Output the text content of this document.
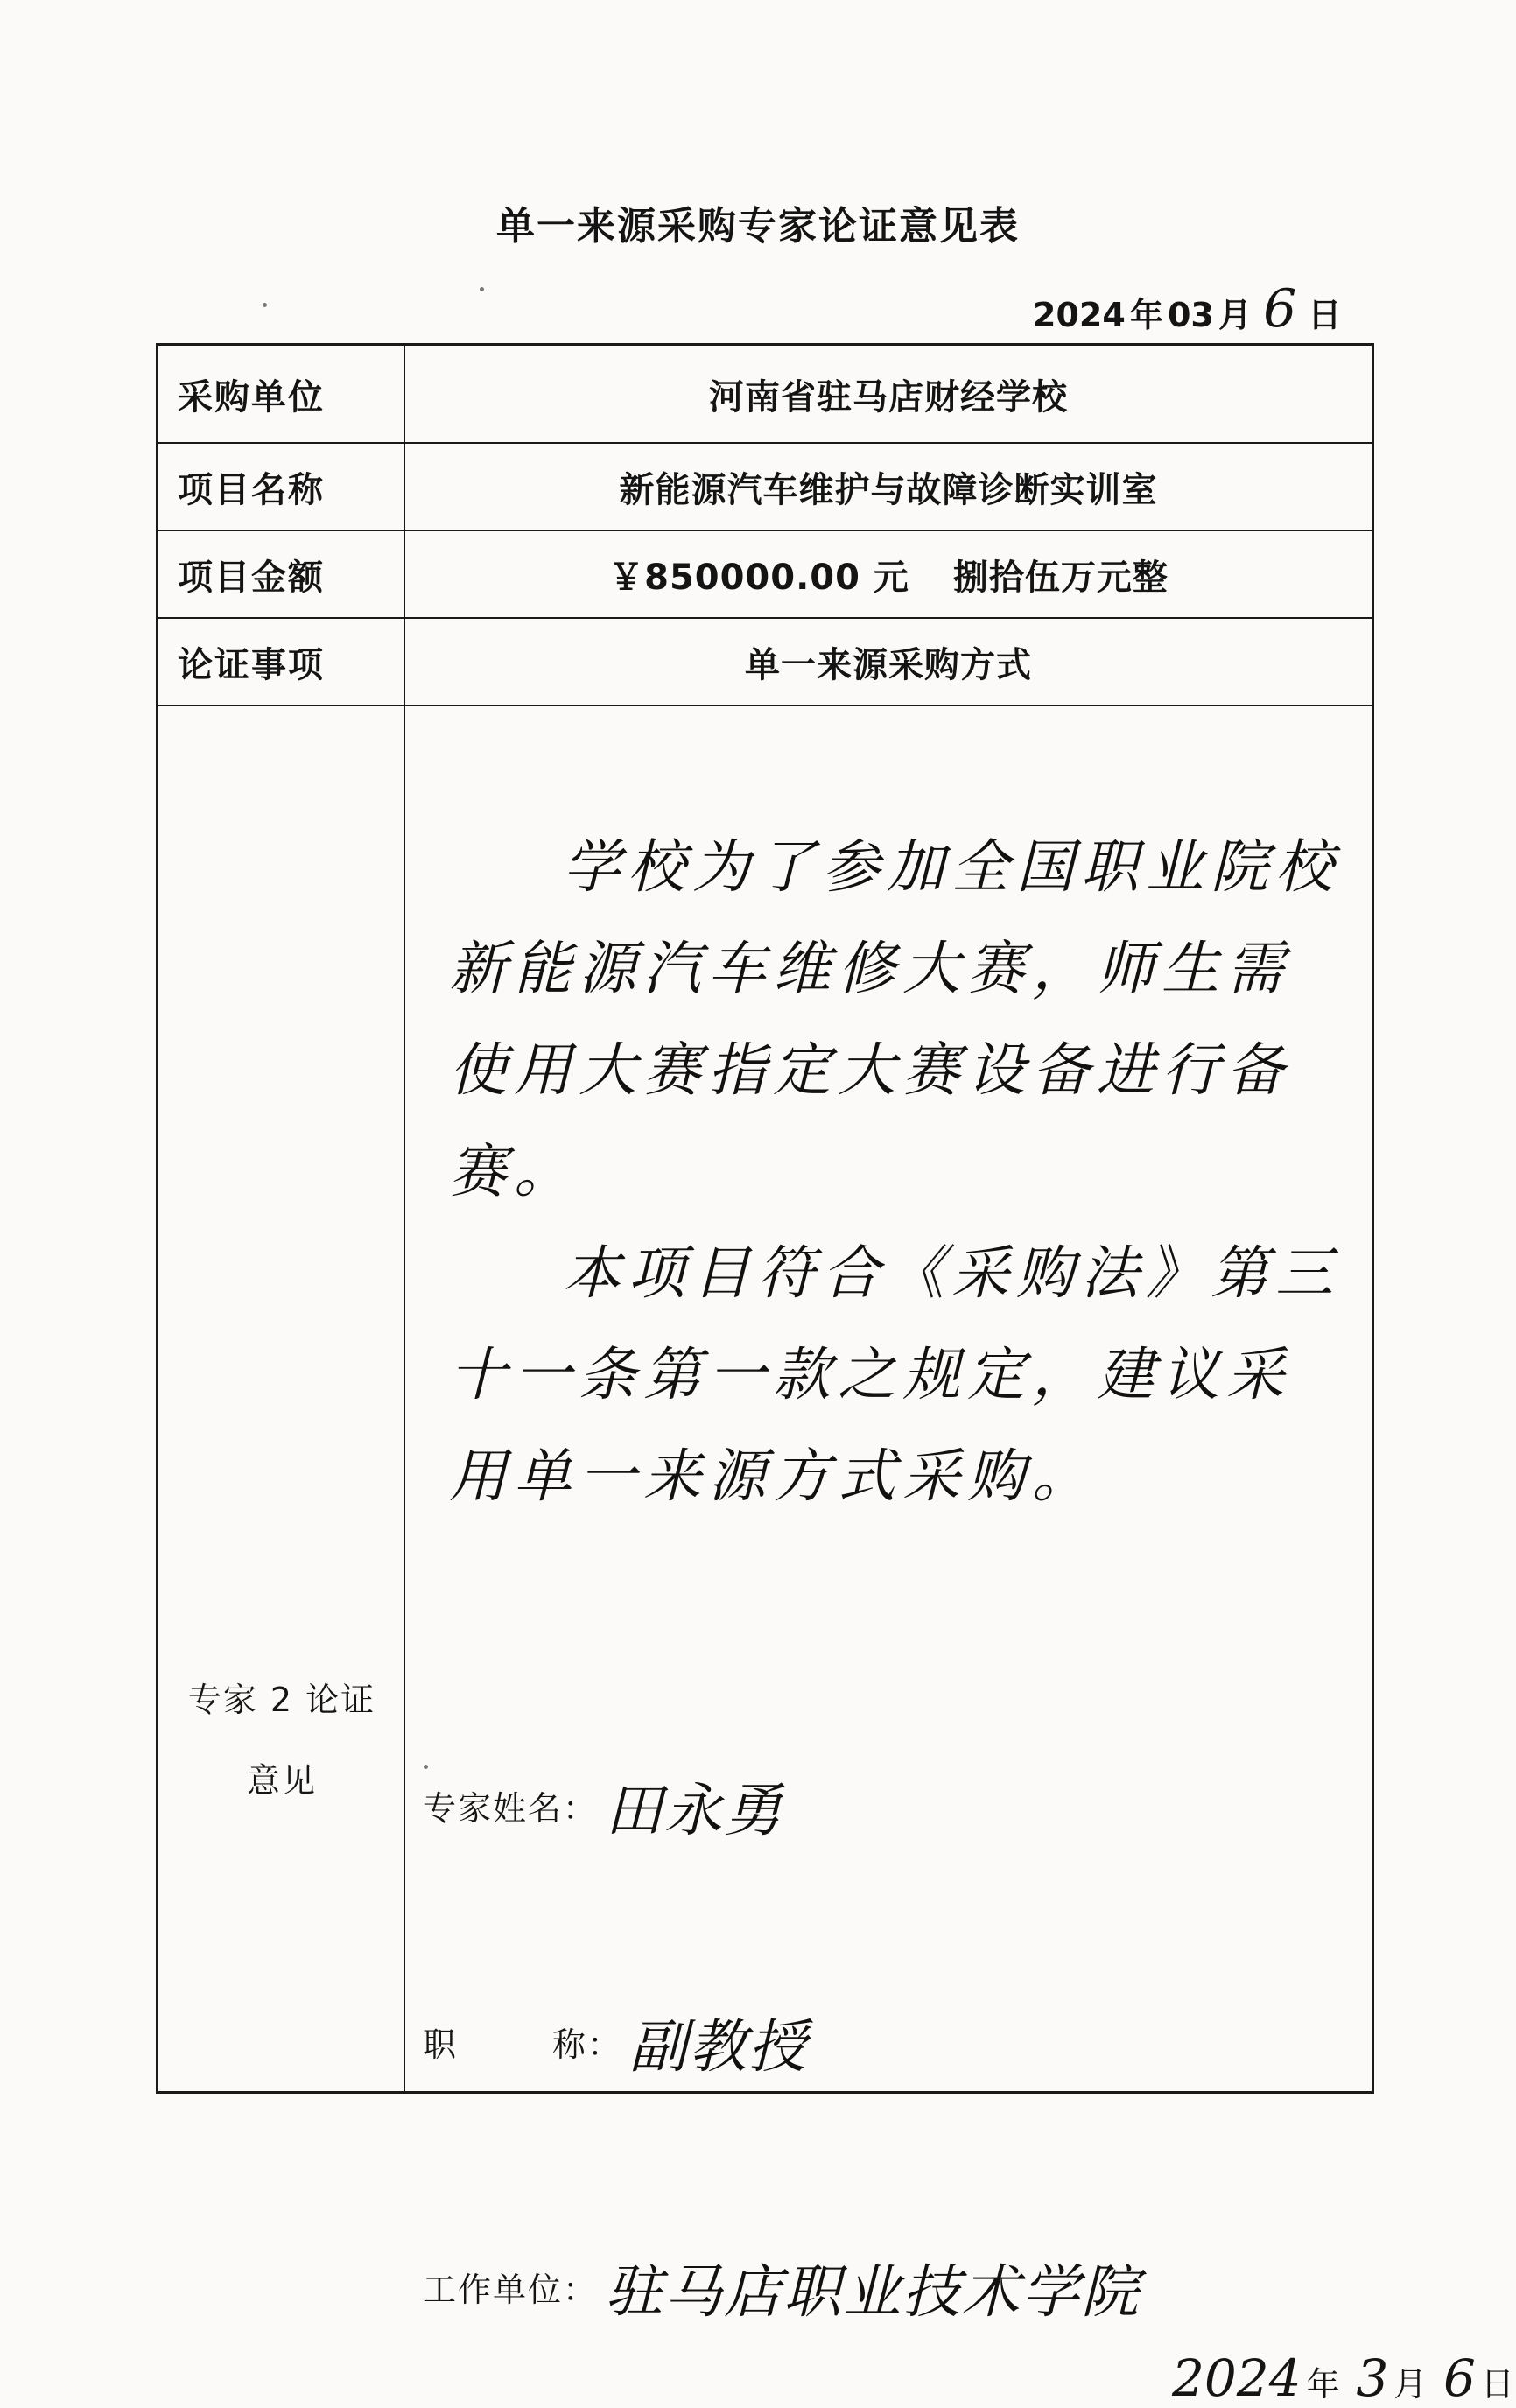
单一来源采购专家论证意见表
2024 年 03 月 6 日
采购单位	河南省驻马店财经学校
项目名称	新能源汽车维护与故障诊断实训室
项目金额	￥850000.00 元 捌拾伍万元整
论证事项	单一来源采购方式
专家 2 论证
意见

学校为了参加全国职业院校新能源汽车维修大赛，师生需使用大赛指定大赛设备进行备赛。

本项目符合《采购法》第三十一条第一款之规定，建议采用单一来源方式采购。

专家姓名： 田永勇
职	称： 副教授
工作单位： 驻马店职业技术学院
2024 年 3 月 6 日
